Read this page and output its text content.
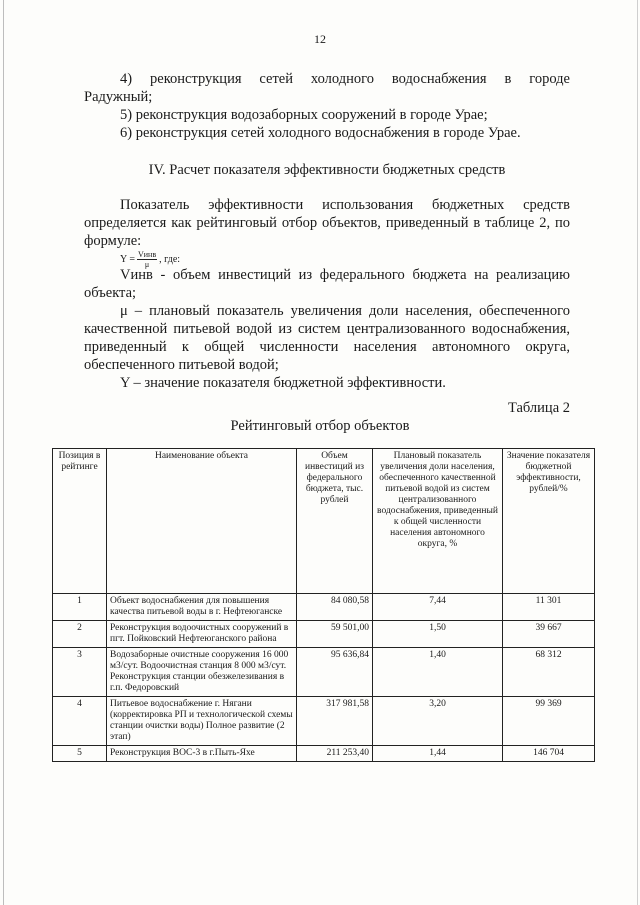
12

4) реконструкция сетей холодного водоснабжения в городе

Радужный;

5) реконструкция водозаборных сооружений в городе Урае;

6) реконструкция сетей холодного водоснабжения в городе Урае.

IV. Расчет показателя эффективности бюджетных средств
Показатель эффективности использования бюджетных средств определяется как рейтинговый отбор объектов, приведенный в таблице 2, по формуле:
$Y = \frac{\text{Vинв}}{\mu}$ , где:
Vинв - объем инвестиций из федерального бюджета на реализацию объекта;
μ – плановый показатель увеличения доли населения, обеспеченного качественной питьевой водой из систем централизованного водоснабжения, приведенный к общей численности населения автономного округа, обеспеченного питьевой водой;
Y – значение показателя бюджетной эффективности.
Таблица 2
Рейтинговый отбор объектов
Позиция в рейтинге	Наименование объекта	Объем инвестиций из федерального бюджета, тыс. рублей	Плановый показатель увеличения доли населения, обеспеченного качественной питьевой водой из систем централизованного водоснабжения, приведенный к общей численности населения автономного округа, %	Значение показателя бюджетной эффективности, рублей/%
1	Объект водоснабжения для повышения качества питьевой воды в г. Нефтеюганске	84 080,58	7,44	11 301
2	Реконструкция водоочистных сооружений в пгт. Пойковский Нефтеюганского района	59 501,00	1,50	39 667
3	Водозаборные очистные сооружения 16 000 м3/сут. Водоочистная станция 8 000 м3/сут. Реконструкция станции обезжелезивания в г.п. Федоровский	95 636,84	1,40	68 312
4	Питьевое водоснабжение г. Нягани (корректировка РП и технологической схемы станции очистки воды) Полное развитие (2 этап)	317 981,58	3,20	99 369
5	Реконструкция ВОС-3 в г.Пыть-Яхе	211 253,40	1,44	146 704
